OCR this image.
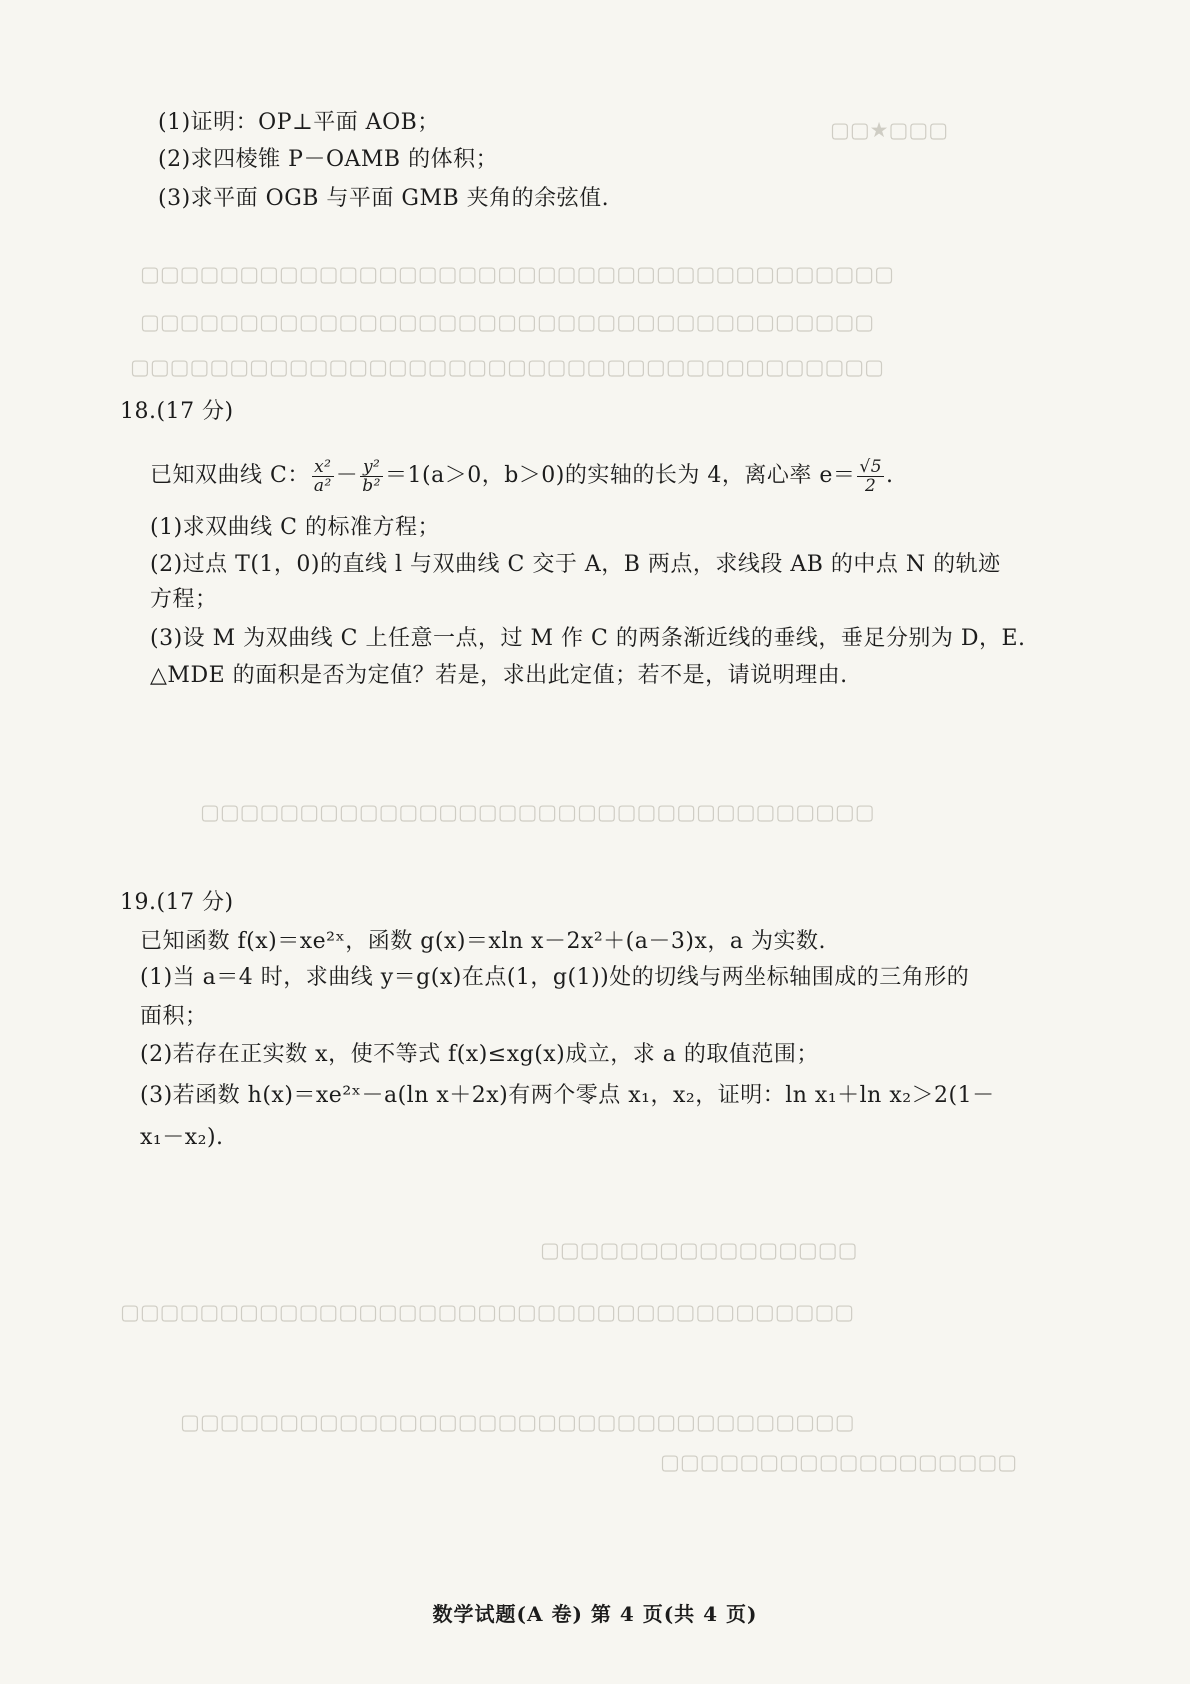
▢▢★▢▢▢
▢▢▢▢▢▢▢▢▢▢▢▢▢▢▢▢▢▢▢▢▢▢▢▢▢▢▢▢▢▢▢▢▢▢▢▢▢▢
▢▢▢▢▢▢▢▢▢▢▢▢▢▢▢▢▢▢▢▢▢▢▢▢▢▢▢▢▢▢▢▢▢▢▢▢▢
▢▢▢▢▢▢▢▢▢▢▢▢▢▢▢▢▢▢▢▢▢▢▢▢▢▢▢▢▢▢▢▢▢▢▢▢▢▢
▢▢▢▢▢▢▢▢▢▢▢▢▢▢▢▢▢▢▢▢▢▢▢▢▢▢▢▢▢▢▢▢▢▢
▢▢▢▢▢▢▢▢▢▢▢▢▢▢▢▢
▢▢▢▢▢▢▢▢▢▢▢▢▢▢▢▢▢▢▢▢▢▢▢▢▢▢▢▢▢▢▢▢▢▢▢▢▢
▢▢▢▢▢▢▢▢▢▢▢▢▢▢▢▢▢▢▢▢▢▢▢▢▢▢▢▢▢▢▢▢▢▢
▢▢▢▢▢▢▢▢▢▢▢▢▢▢▢▢▢▢
(1)证明：OP⊥平面 AOB；
(2)求四棱锥 P－OAMB 的体积；
(3)求平面 OGB 与平面 GMB 夹角的余弦值.
18.(17 分)
已知双曲线 C： $\frac{\text{x²}}{\text{a²}} - \frac{\text{y²}}{\text{b²}} =1(a>0$，b＞0)的实轴的长为 4，离心率 $e= \frac{√5}{2}$ .
(1)求双曲线 C 的标准方程；
(2)过点 T(1，0)的直线 l 与双曲线 C 交于 A，B 两点，求线段 AB 的中点 N 的轨迹
方程；
(3)设 M 为双曲线 C 上任意一点，过 M 作 C 的两条渐近线的垂线，垂足分别为 D，E.
△MDE 的面积是否为定值？若是，求出此定值；若不是，请说明理由.
19.(17 分)
已知函数 f(x)＝xe²ˣ，函数 g(x)＝xln x－2x²＋(a－3)x，a 为实数.
(1)当 a＝4 时，求曲线 y＝g(x)在点(1，g(1))处的切线与两坐标轴围成的三角形的
面积；
(2)若存在正实数 x，使不等式 f(x)≤xg(x)成立，求 a 的取值范围；
(3)若函数 h(x)＝xe²ˣ－a(ln x＋2x)有两个零点 x₁，x₂，证明：ln x₁＋ln x₂＞2(1－
x₁－x₂).
数学试题(A 卷) 第 4 页(共 4 页)
